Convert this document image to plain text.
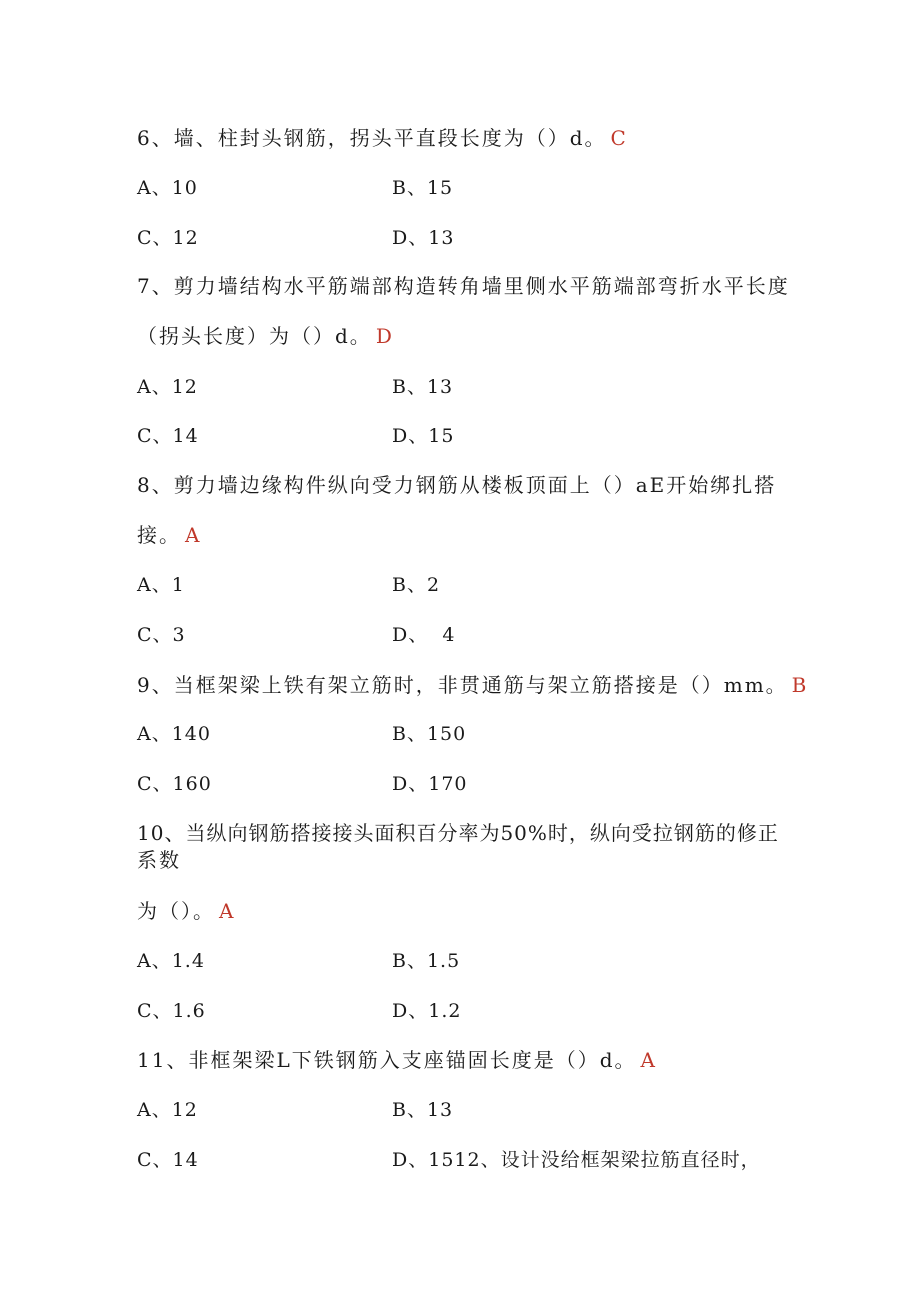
6、墙、柱封头钢筋，拐头平直段长度为（）d。 C
A、10	B、15
C、12	D、13
7、剪力墙结构水平筋端部构造转角墙里侧水平筋端部弯折水平长度
（拐头长度）为（）d。 D
A、12	B、13
C、14	D、15
8、剪力墙边缘构件纵向受力钢筋从楼板顶面上（）aE开始绑扎搭
接。 A
A、1	B、2
C、3	D、  4
9、当框架梁上铁有架立筋时，非贯通筋与架立筋搭接是（）mm。 B
A、140	B、150
C、160	D、170
10、当纵向钢筋搭接接头面积百分率为50%时，纵向受拉钢筋的修正
系数
为（）。 A
A、1.4	B、1.5
C、1.6	D、1.2
11、非框架梁L下铁钢筋入支座锚固长度是（）d。 A
A、12	B、13
C、14	D、1512、设计没给框架梁拉筋直径时，
